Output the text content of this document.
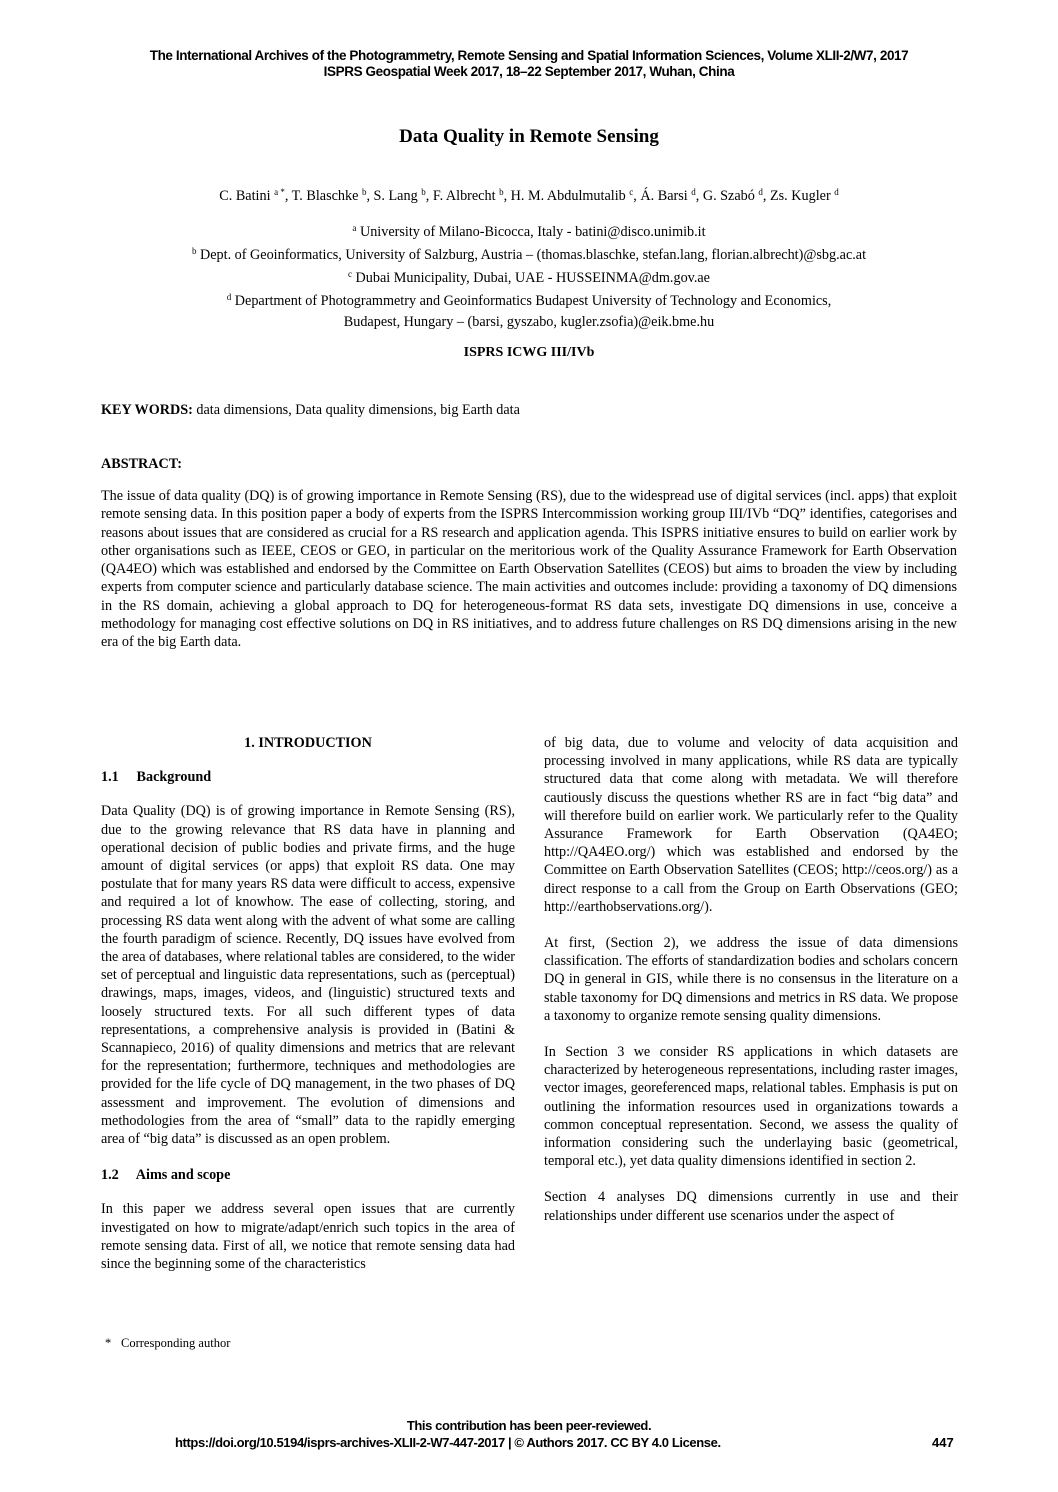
The International Archives of the Photogrammetry, Remote Sensing and Spatial Information Sciences, Volume XLII-2/W7, 2017
ISPRS Geospatial Week 2017, 18–22 September 2017, Wuhan, China
Data Quality in Remote Sensing
C. Batini $^{a *}$, T. Blaschke $^b$, S. Lang $^b$, F. Albrecht $^b$, H. M. Abdulmutalib $^c$, Á. Barsi $^d$, G. Szabó $^d$, Zs. Kugler $^d$
$^a$ University of Milano-Bicocca, Italy - batini@disco.unimib.it
$^b$ Dept. of Geoinformatics, University of Salzburg, Austria – (thomas.blaschke, stefan.lang, florian.albrecht)@sbg.ac.at
$^c$ Dubai Municipality, Dubai, UAE - HUSSEINMA@dm.gov.ae
$^d$ Department of Photogrammetry and Geoinformatics Budapest University of Technology and Economics,
Budapest, Hungary – (barsi, gyszabo, kugler.zsofia)@eik.bme.hu
ISPRS ICWG III/IVb
KEY WORDS: data dimensions, Data quality dimensions, big Earth data
ABSTRACT:
The issue of data quality (DQ) is of growing importance in Remote Sensing (RS), due to the widespread use of digital services (incl. apps) that exploit remote sensing data. In this position paper a body of experts from the ISPRS Intercommission working group III/IVb “DQ” identifies, categorises and reasons about issues that are considered as crucial for a RS research and application agenda. This ISPRS initiative ensures to build on earlier work by other organisations such as IEEE, CEOS or GEO, in particular on the meritorious work of the Quality Assurance Framework for Earth Observation (QA4EO) which was established and endorsed by the Committee on Earth Observation Satellites (CEOS) but aims to broaden the view by including experts from computer science and particularly database science. The main activities and outcomes include: providing a taxonomy of DQ dimensions in the RS domain, achieving a global approach to DQ for heterogeneous-format RS data sets, investigate DQ dimensions in use, conceive a methodology for managing cost effective solutions on DQ in RS initiatives, and to address future challenges on RS DQ dimensions arising in the new era of the big Earth data.
1. INTRODUCTION
1.1 Background

Data Quality (DQ) is of growing importance in Remote Sensing (RS), due to the growing relevance that RS data have in planning and operational decision of public bodies and private firms, and the huge amount of digital services (or apps) that exploit RS data. One may postulate that for many years RS data were difficult to access, expensive and required a lot of knowhow. The ease of collecting, storing, and processing RS data went along with the advent of what some are calling the fourth paradigm of science. Recently, DQ issues have evolved from the area of databases, where relational tables are considered, to the wider set of perceptual and linguistic data representations, such as (perceptual) drawings, maps, images, videos, and (linguistic) structured texts and loosely structured texts. For all such different types of data representations, a comprehensive analysis is provided in (Batini & Scannapieco, 2016) of quality dimensions and metrics that are relevant for the representation; furthermore, techniques and methodologies are provided for the life cycle of DQ management, in the two phases of DQ assessment and improvement. The evolution of dimensions and methodologies from the area of “small” data to the rapidly emerging area of “big data” is discussed as an open problem.

1.2 Aims and scope

In this paper we address several open issues that are currently investigated on how to migrate/adapt/enrich such topics in the area of remote sensing data. First of all, we notice that remote sensing data had since the beginning some of the characteristics

of big data, due to volume and velocity of data acquisition and processing involved in many applications, while RS data are typically structured data that come along with metadata. We will therefore cautiously discuss the questions whether RS are in fact “big data” and will therefore build on earlier work. We particularly refer to the Quality Assurance Framework for Earth Observation (QA4EO; http://QA4EO.org/) which was established and endorsed by the Committee on Earth Observation Satellites (CEOS; http://ceos.org/) as a direct response to a call from the Group on Earth Observations (GEO; http://earthobservations.org/).

At first, (Section 2), we address the issue of data dimensions classification. The efforts of standardization bodies and scholars concern DQ in general in GIS, while there is no consensus in the literature on a stable taxonomy for DQ dimensions and metrics in RS data. We propose a taxonomy to organize remote sensing quality dimensions.

In Section 3 we consider RS applications in which datasets are characterized by heterogeneous representations, including raster images, vector images, georeferenced maps, relational tables. Emphasis is put on outlining the information resources used in organizations towards a common conceptual representation. Second, we assess the quality of information considering such the underlaying basic (geometrical, temporal etc.), yet data quality dimensions identified in section 2.

Section 4 analyses DQ dimensions currently in use and their relationships under different use scenarios under the aspect of

* Corresponding author
This contribution has been peer-reviewed.
https://doi.org/10.5194/isprs-archives-XLII-2-W7-447-2017 | © Authors 2017. CC BY 4.0 License.	447
